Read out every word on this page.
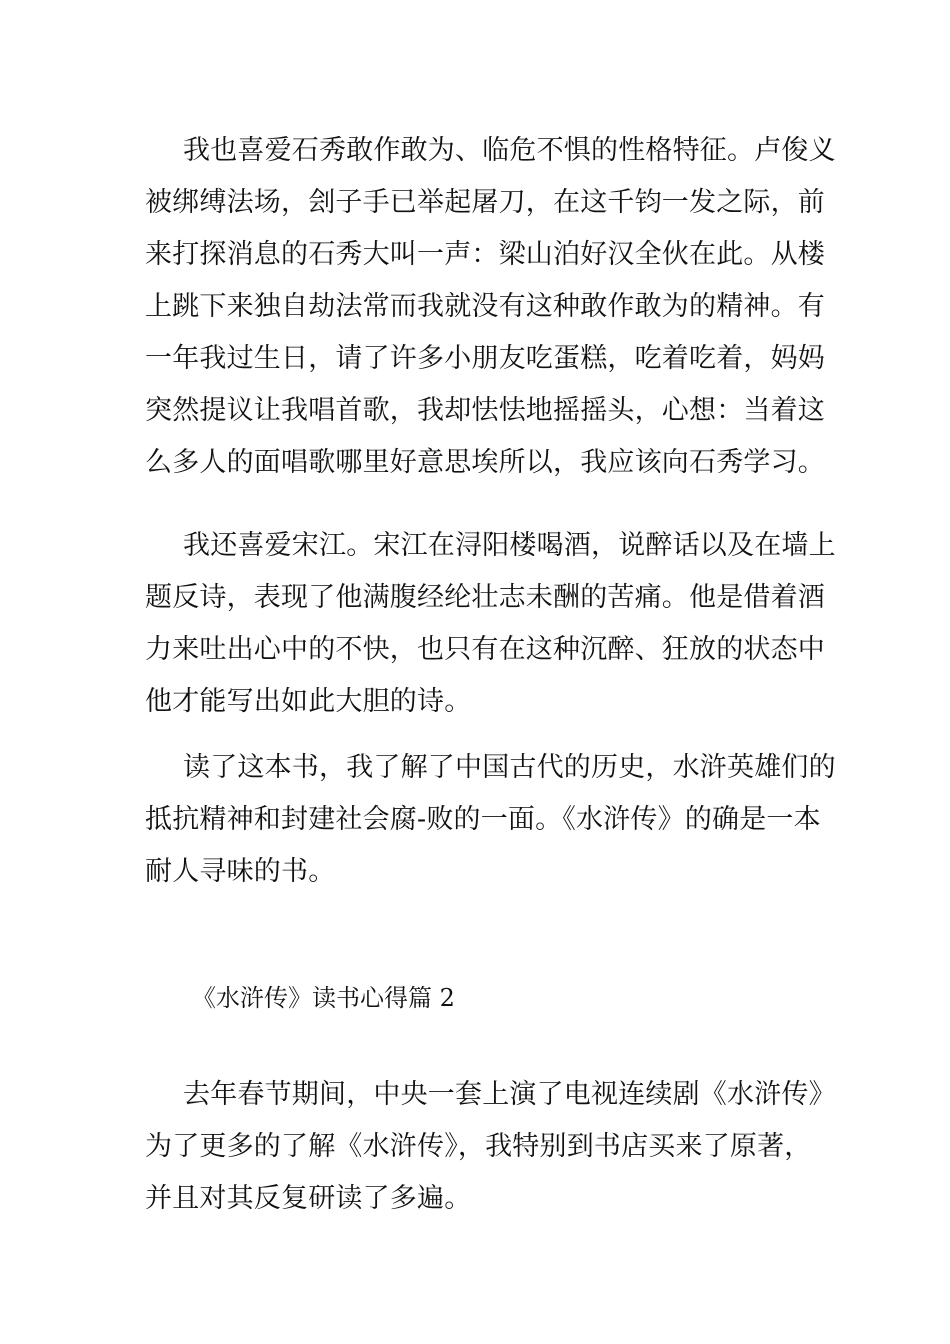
我也喜爱石秀敢作敢为、临危不惧的性格特征。卢俊义
被绑缚法场，刽子手已举起屠刀，在这千钧一发之际，前
来打探消息的石秀大叫一声：梁山泊好汉全伙在此。从楼
上跳下来独自劫法常而我就没有这种敢作敢为的精神。有
一年我过生日，请了许多小朋友吃蛋糕，吃着吃着，妈妈
突然提议让我唱首歌，我却怯怯地摇摇头，心想：当着这
么多人的面唱歌哪里好意思埃所以，我应该向石秀学习。
我还喜爱宋江。宋江在浔阳楼喝酒，说醉话以及在墙上
题反诗，表现了他满腹经纶壮志未酬的苦痛。他是借着酒
力来吐出心中的不快，也只有在这种沉醉、狂放的状态中
他才能写出如此大胆的诗。
读了这本书，我了解了中国古代的历史，水浒英雄们的
抵抗精神和封建社会腐-败的一面。《水浒传》的确是一本
耐人寻味的书。
《水浒传》读书心得篇 2
去年春节期间，中央一套上演了电视连续剧《水浒传》
为了更多的了解《水浒传》，我特别到书店买来了原著，
并且对其反复研读了多遍。
